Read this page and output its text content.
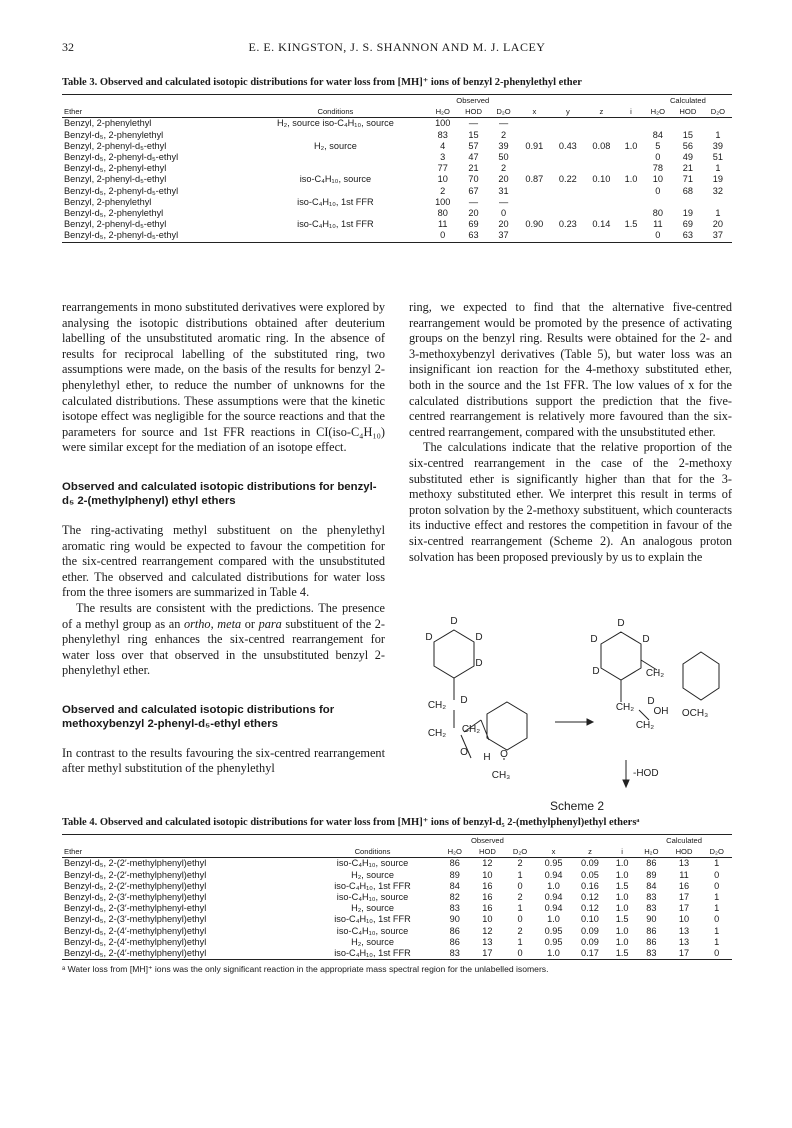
32	E. E. KINGSTON, J. S. SHANNON AND M. J. LACEY
Table 3. Observed and calculated isotopic distributions for water loss from [MH]⁺ ions of benzyl 2-phenylethyl ether
		Observed							Calculated		
Ether	Conditions	H₂O	HOD	D₂O	x	y	z	i	H₂O	HOD	D₂O
Benzyl, 2-phenylethyl	H₂, source iso-C₄H₁₀, source	100	—	—							
Benzyl-d₅, 2-phenylethyl		83	15	2					84	15	1
Benzyl, 2-phenyl-d₅-ethyl	H₂, source	4	57	39	0.91	0.43	0.08	1.0	5	56	39
Benzyl-d₅, 2-phenyl-d₅-ethyl		3	47	50					0	49	51
Benzyl-d₅, 2-phenyl-ethyl		77	21	2					78	21	1
Benzyl, 2-phenyl-d₅-ethyl	iso-C₄H₁₀, source	10	70	20	0.87	0.22	0.10	1.0	10	71	19
Benzyl-d₅, 2-phenyl-d₅-ethyl		2	67	31					0	68	32
Benzyl, 2-phenylethyl	iso-C₄H₁₀, 1st FFR	100	—	—							
Benzyl-d₅, 2-phenylethyl		80	20	0					80	19	1
Benzyl, 2-phenyl-d₅-ethyl	iso-C₄H₁₀, 1st FFR	11	69	20	0.90	0.23	0.14	1.5	11	69	20
Benzyl-d₅, 2-phenyl-d₅-ethyl		0	63	37					0	63	37

rearrangements in mono substituted derivatives were explored by analysing the isotopic distributions obtained after deuterium labelling of the unsubstituted aromatic ring. In the absence of results for reciprocal labelling of the substituted ring, two assumptions were made, on the basis of the results for benzyl 2-phenylethyl ether, to reduce the number of unknowns for the calculated distributions. These assumptions were that the kinetic isotope effect was negligible for the source reactions and that the parameters for source and 1st FFR reactions in CI(iso-C₄H₁₀) were similar except for the mediation of an isotope effect.

Observed and calculated isotopic distributions for benzyl-d₅ 2-(methylphenyl) ethyl ethers

The ring-activating methyl substituent on the phenylethyl aromatic ring would be expected to favour the competition for the six-centred rearrangement compared with the unsubstituted ether. The observed and calculated distributions for water loss from the three isomers are summarized in Table 4.

The results are consistent with the predictions. The presence of a methyl group as an ortho, meta or para substituent of the 2-phenylethyl ring enhances the six-centred rearrangement for water loss over that observed in the unsubstituted benzyl 2-phenylethyl ether.

Observed and calculated isotopic distributions for methoxybenzyl 2-phenyl-d₅-ethyl ethers

In contrast to the results favouring the six-centred rearrangement after methyl substitution of the phenylethyl

ring, we expected to find that the alternative five-centred rearrangement would be promoted by the presence of activating groups on the benzyl ring. Results were obtained for the 2- and 3-methoxybenzyl derivatives (Table 5), but water loss was an insignificant ion reaction for the 4-methoxy substituted ether, both in the source and the 1st FFR. The low values of x for the calculated distributions support the prediction that the five-centred rearrangement is relatively more favoured than the six-centred rearrangement, compared with the unsubstituted ether.

The calculations indicate that the relative proportion of the six-centred rearrangement in the case of the 2-methoxy substituted ether is significantly higher than that for the 3-methoxy substituted ether. We interpret this result in terms of proton solvation by the 2-methoxy substituent, which counteracts its inductive effect and restores the competition in favour of the six-centred rearrangement (Scheme 2). An analogous proton solvation has been proposed previously by us to explain the

D
D
D
D
D
CH₂
CH₂ CH₂
O H O
CH₃
D
D
D
D	CH₂
CH₂
CH₂
OH OCH₃
D
-HOD
Scheme 2
Table 4. Observed and calculated isotopic distributions for water loss from [MH]⁺ ions of benzyl-d₅ 2-(methylphenyl)ethyl ethersᵃ
		Observed						Calculated		
Ether	Conditions	H₂O	HOD	D₂O	x	z	i	H₂O	HOD	D₂O
Benzyl-d₅, 2-(2′-methylphenyl)ethyl	iso-C₄H₁₀, source	86	12	2	0.95	0.09	1.0	86	13	1
Benzyl-d₅, 2-(2′-methylphenyl)ethyl	H₂, source	89	10	1	0.94	0.05	1.0	89	11	0
Benzyl-d₅, 2-(2′-methylphenyl)ethyl	iso-C₄H₁₀, 1st FFR	84	16	0	1.0	0.16	1.5	84	16	0
Benzyl-d₅, 2-(3′-methylphenyl)ethyl	iso-C₄H₁₀, source	82	16	2	0.94	0.12	1.0	83	17	1
Benzyl-d₅, 2-(3′-methylphenyl-ethyl	H₂, source	83	16	1	0.94	0.12	1.0	83	17	1
Benzyl-d₅, 2-(3′-methylphenyl)ethyl	iso-C₄H₁₀, 1st FFR	90	10	0	1.0	0.10	1.5	90	10	0
Benzyl-d₅, 2-(4′-methylphenyl)ethyl	iso-C₄H₁₀, source	86	12	2	0.95	0.09	1.0	86	13	1
Benzyl-d₅, 2-(4′-methylphenyl)ethyl	H₂, source	86	13	1	0.95	0.09	1.0	86	13	1
Benzyl-d₅, 2-(4′-methylphenyl)ethyl	iso-C₄H₁₀, 1st FFR	83	17	0	1.0	0.17	1.5	83	17	0
ᵃ Water loss from [MH]⁺ ions was the only significant reaction in the appropriate mass spectral region for the unlabelled isomers.
